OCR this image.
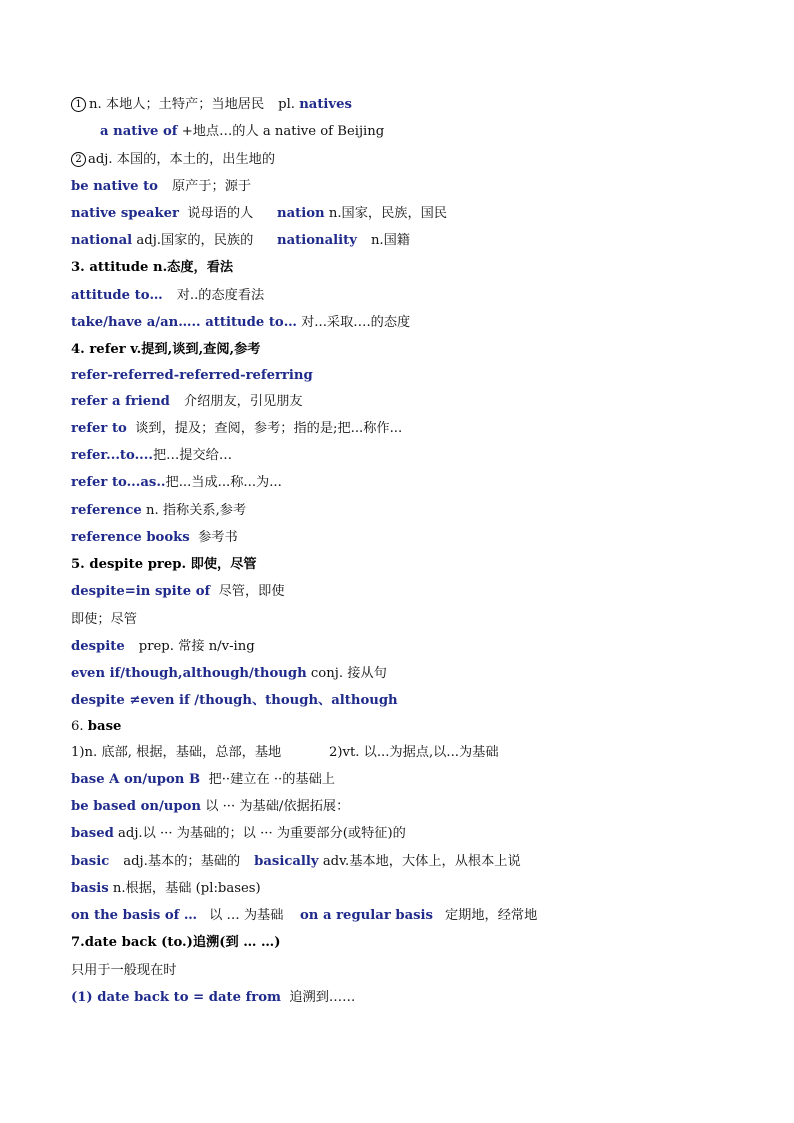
1 n. 本地人；土特产；当地居民 pl. natives
a native of +地点…的人 a native of Beijing
2 adj. 本国的，本土的，出生地的
be native to 原产于；源于
native speaker 说母语的人 nation n.国家，民族，国民
national adj.国家的，民族的 nationality n.国籍
3. attitude n.态度，看法
attitude to… 对..的态度看法
take/have a/an….. attitude to… 对...采取….的态度
4. refer v.提到,谈到,查阅,参考
refer-referred-referred-referring
refer a friend 介绍朋友，引见朋友
refer to 谈到，提及；查阅，参考；指的是;把...称作...
refer...to....把…提交给…
refer to...as..把...当成...称...为...
reference n. 指称关系,参考
reference books 参考书
5. despite prep. 即使，尽管
despite=in spite of 尽管，即使
即使；尽管
despite prep. 常接 n/v-ing
even if/though,although/though conj. 接从句
despite ≠even if /though、though、although
6. base
1)n. 底部, 根据，基础，总部，基地	2)vt. 以...为据点,以...为基础
base A on/upon B 把··建立在 ··的基础上
be based on/upon 以 ··· 为基础/依据拓展：
based adj.以 ··· 为基础的；以 ··· 为重要部分(或特征)的
basic adj.基本的；基础的 basically adv.基本地，大体上，从根本上说
basis n.根据，基础 (pl:bases)
on the basis of … 以 … 为基础 on a regular basis 定期地，经常地
7.date back (to.)追溯(到 … …)
只用于一般现在时
(1) date back to = date from 追溯到……
